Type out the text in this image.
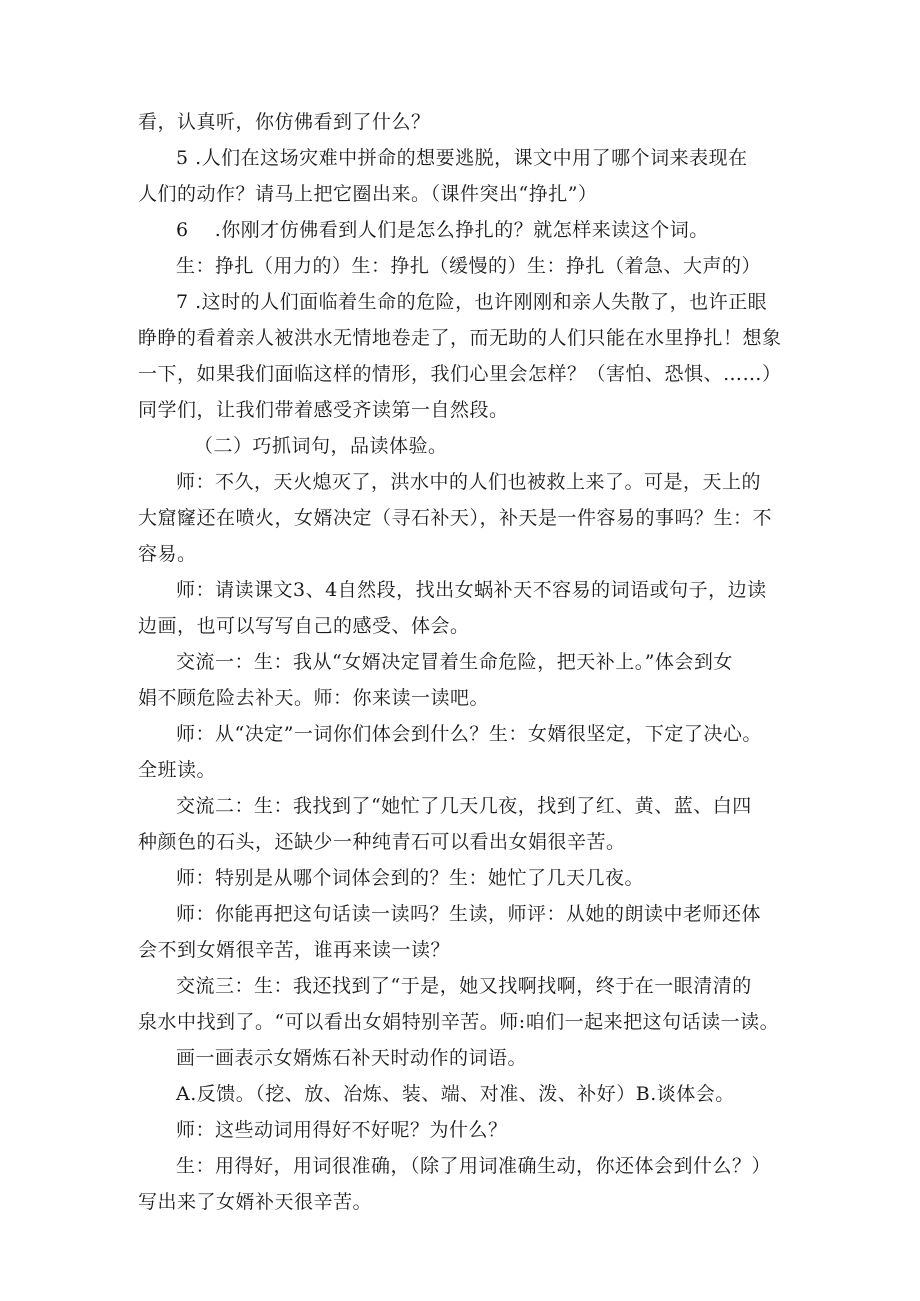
看，认真听，你仿佛看到了什么？
5 .人们在这场灾难中拼命的想要逃脱，课文中用了哪个词来表现在
人们的动作？请马上把它圈出来。（课件突出“挣扎”）
6    .你刚才仿佛看到人们是怎么挣扎的？就怎样来读这个词。
生：挣扎（用力的）生：挣扎（缓慢的）生：挣扎（着急、大声的）
7 .这时的人们面临着生命的危险，也许刚刚和亲人失散了，也许正眼
睁睁的看着亲人被洪水无情地卷走了，而无助的人们只能在水里挣扎！想象
一下，如果我们面临这样的情形，我们心里会怎样？（害怕、恐惧、……）
同学们，让我们带着感受齐读第一自然段。
（二）巧抓词句，品读体验。
师：不久，天火熄灭了，洪水中的人们也被救上来了。可是，天上的
大窟窿还在喷火，女婿决定（寻石补天），补天是一件容易的事吗？生：不
容易。
师：请读课文3、4自然段，找出女蜗补天不容易的词语或句子，边读
边画，也可以写写自己的感受、体会。
交流一：生：我从“女婿决定冒着生命危险，把天补上。”体会到女
娟不顾危险去补天。师：你来读一读吧。
师：从“决定”一词你们体会到什么？生：女婿很坚定，下定了决心。
全班读。
交流二：生：我找到了“她忙了几天几夜，找到了红、黄、蓝、白四
种颜色的石头，还缺少一种纯青石可以看出女娟很辛苦。
师：特别是从哪个词体会到的？生：她忙了几天几夜。
师：你能再把这句话读一读吗？生读，师评：从她的朗读中老师还体
会不到女婿很辛苦，谁再来读一读？
交流三：生：我还找到了“于是，她又找啊找啊，终于在一眼清清的
泉水中找到了。“可以看出女娟特别辛苦。师:咱们一起来把这句话读一读。
画一画表示女婿炼石补天时动作的词语。
A.反馈。（挖、放、冶炼、装、端、对准、泼、补好）B.谈体会。
师：这些动词用得好不好呢？为什么？
生：用得好，用词很准确，（除了用词准确生动，你还体会到什么？）
写出来了女婿补天很辛苦。
